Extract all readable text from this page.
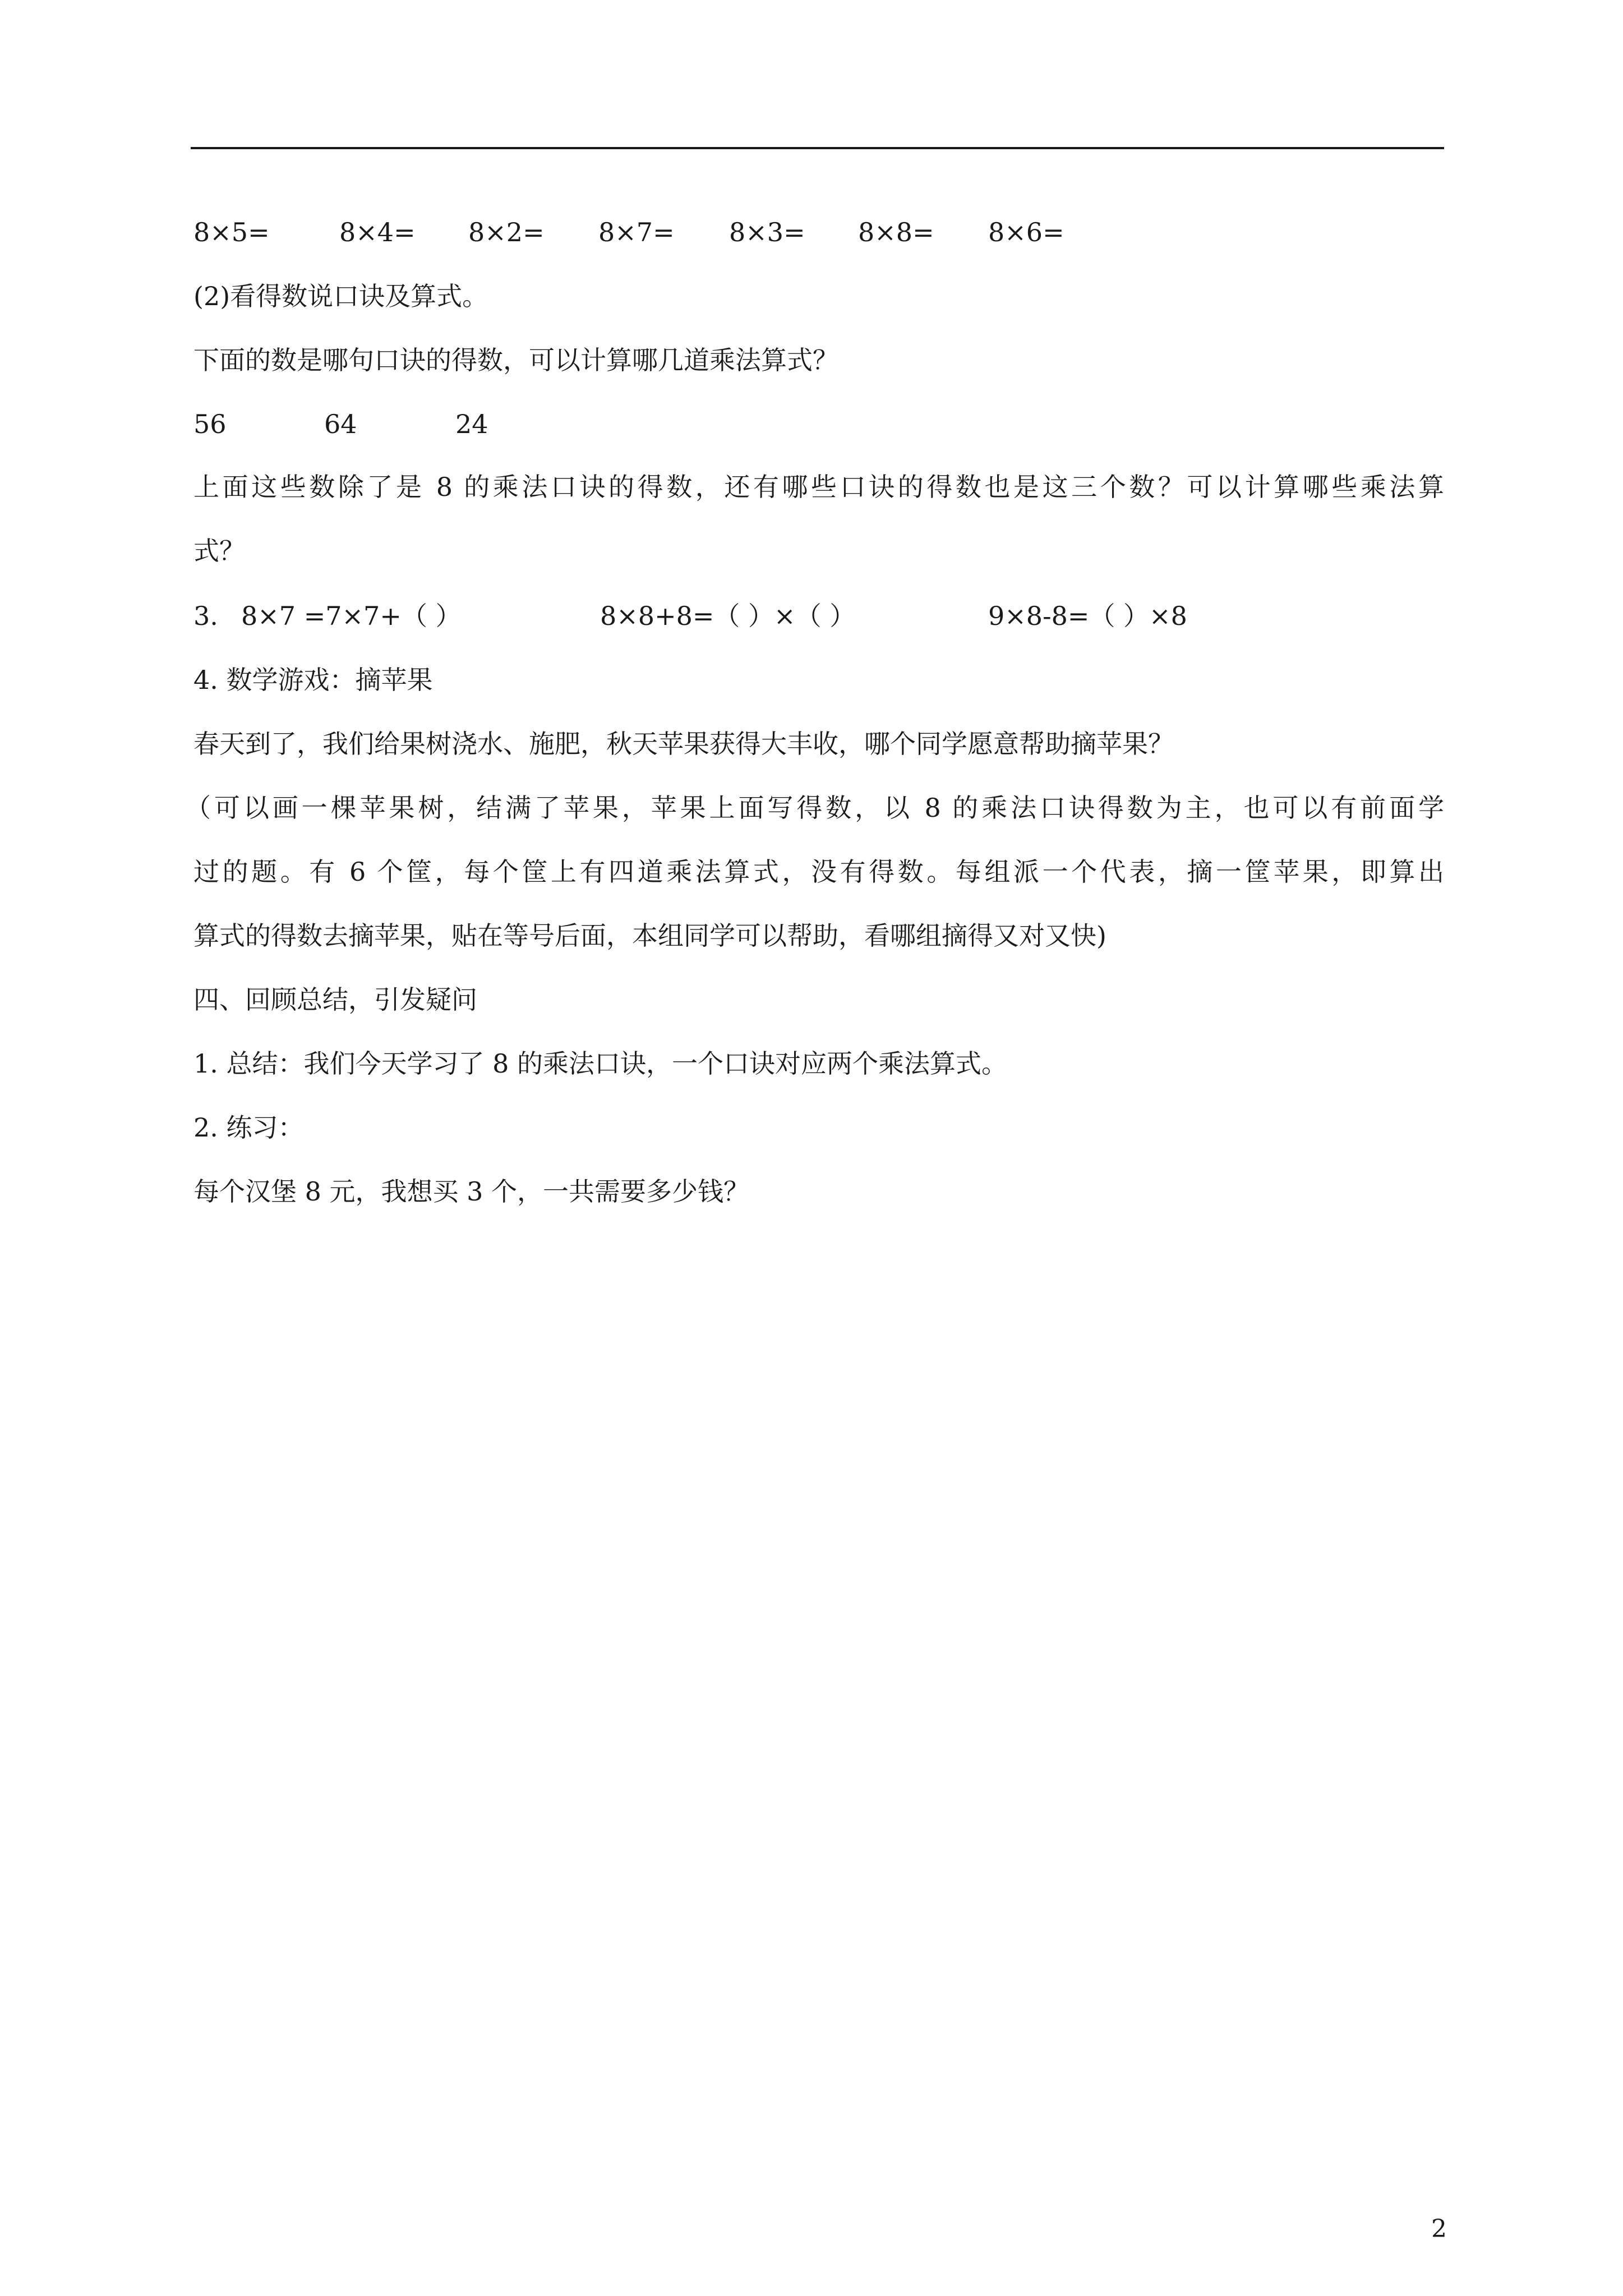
8×5=	8×4= 8×2= 8×7= 8×3= 8×8= 8×6=
(2)看得数说口诀及算式。
下面的数是哪句口诀的得数，可以计算哪几道乘法算式？
56	64	24
上面这些数除了是 8 的乘法口诀的得数，还有哪些口诀的得数也是这三个数？可以计算哪些乘法算
式？
3. 8×7 =7×7+（ ）	8×8+8=（ ）×（ ）	9×8-8=（ ）×8
4. 数学游戏：摘苹果
春天到了，我们给果树浇水、施肥，秋天苹果获得大丰收，哪个同学愿意帮助摘苹果？
（可以画一棵苹果树，结满了苹果，苹果上面写得数，以 8 的乘法口诀得数为主，也可以有前面学
过的题。有 6 个筐，每个筐上有四道乘法算式，没有得数。每组派一个代表，摘一筐苹果，即算出
算式的得数去摘苹果，贴在等号后面，本组同学可以帮助，看哪组摘得又对又快)
四、回顾总结，引发疑问
1. 总结：我们今天学习了 8 的乘法口诀，一个口诀对应两个乘法算式。
2. 练习：
每个汉堡 8 元，我想买 3 个，一共需要多少钱？
2
